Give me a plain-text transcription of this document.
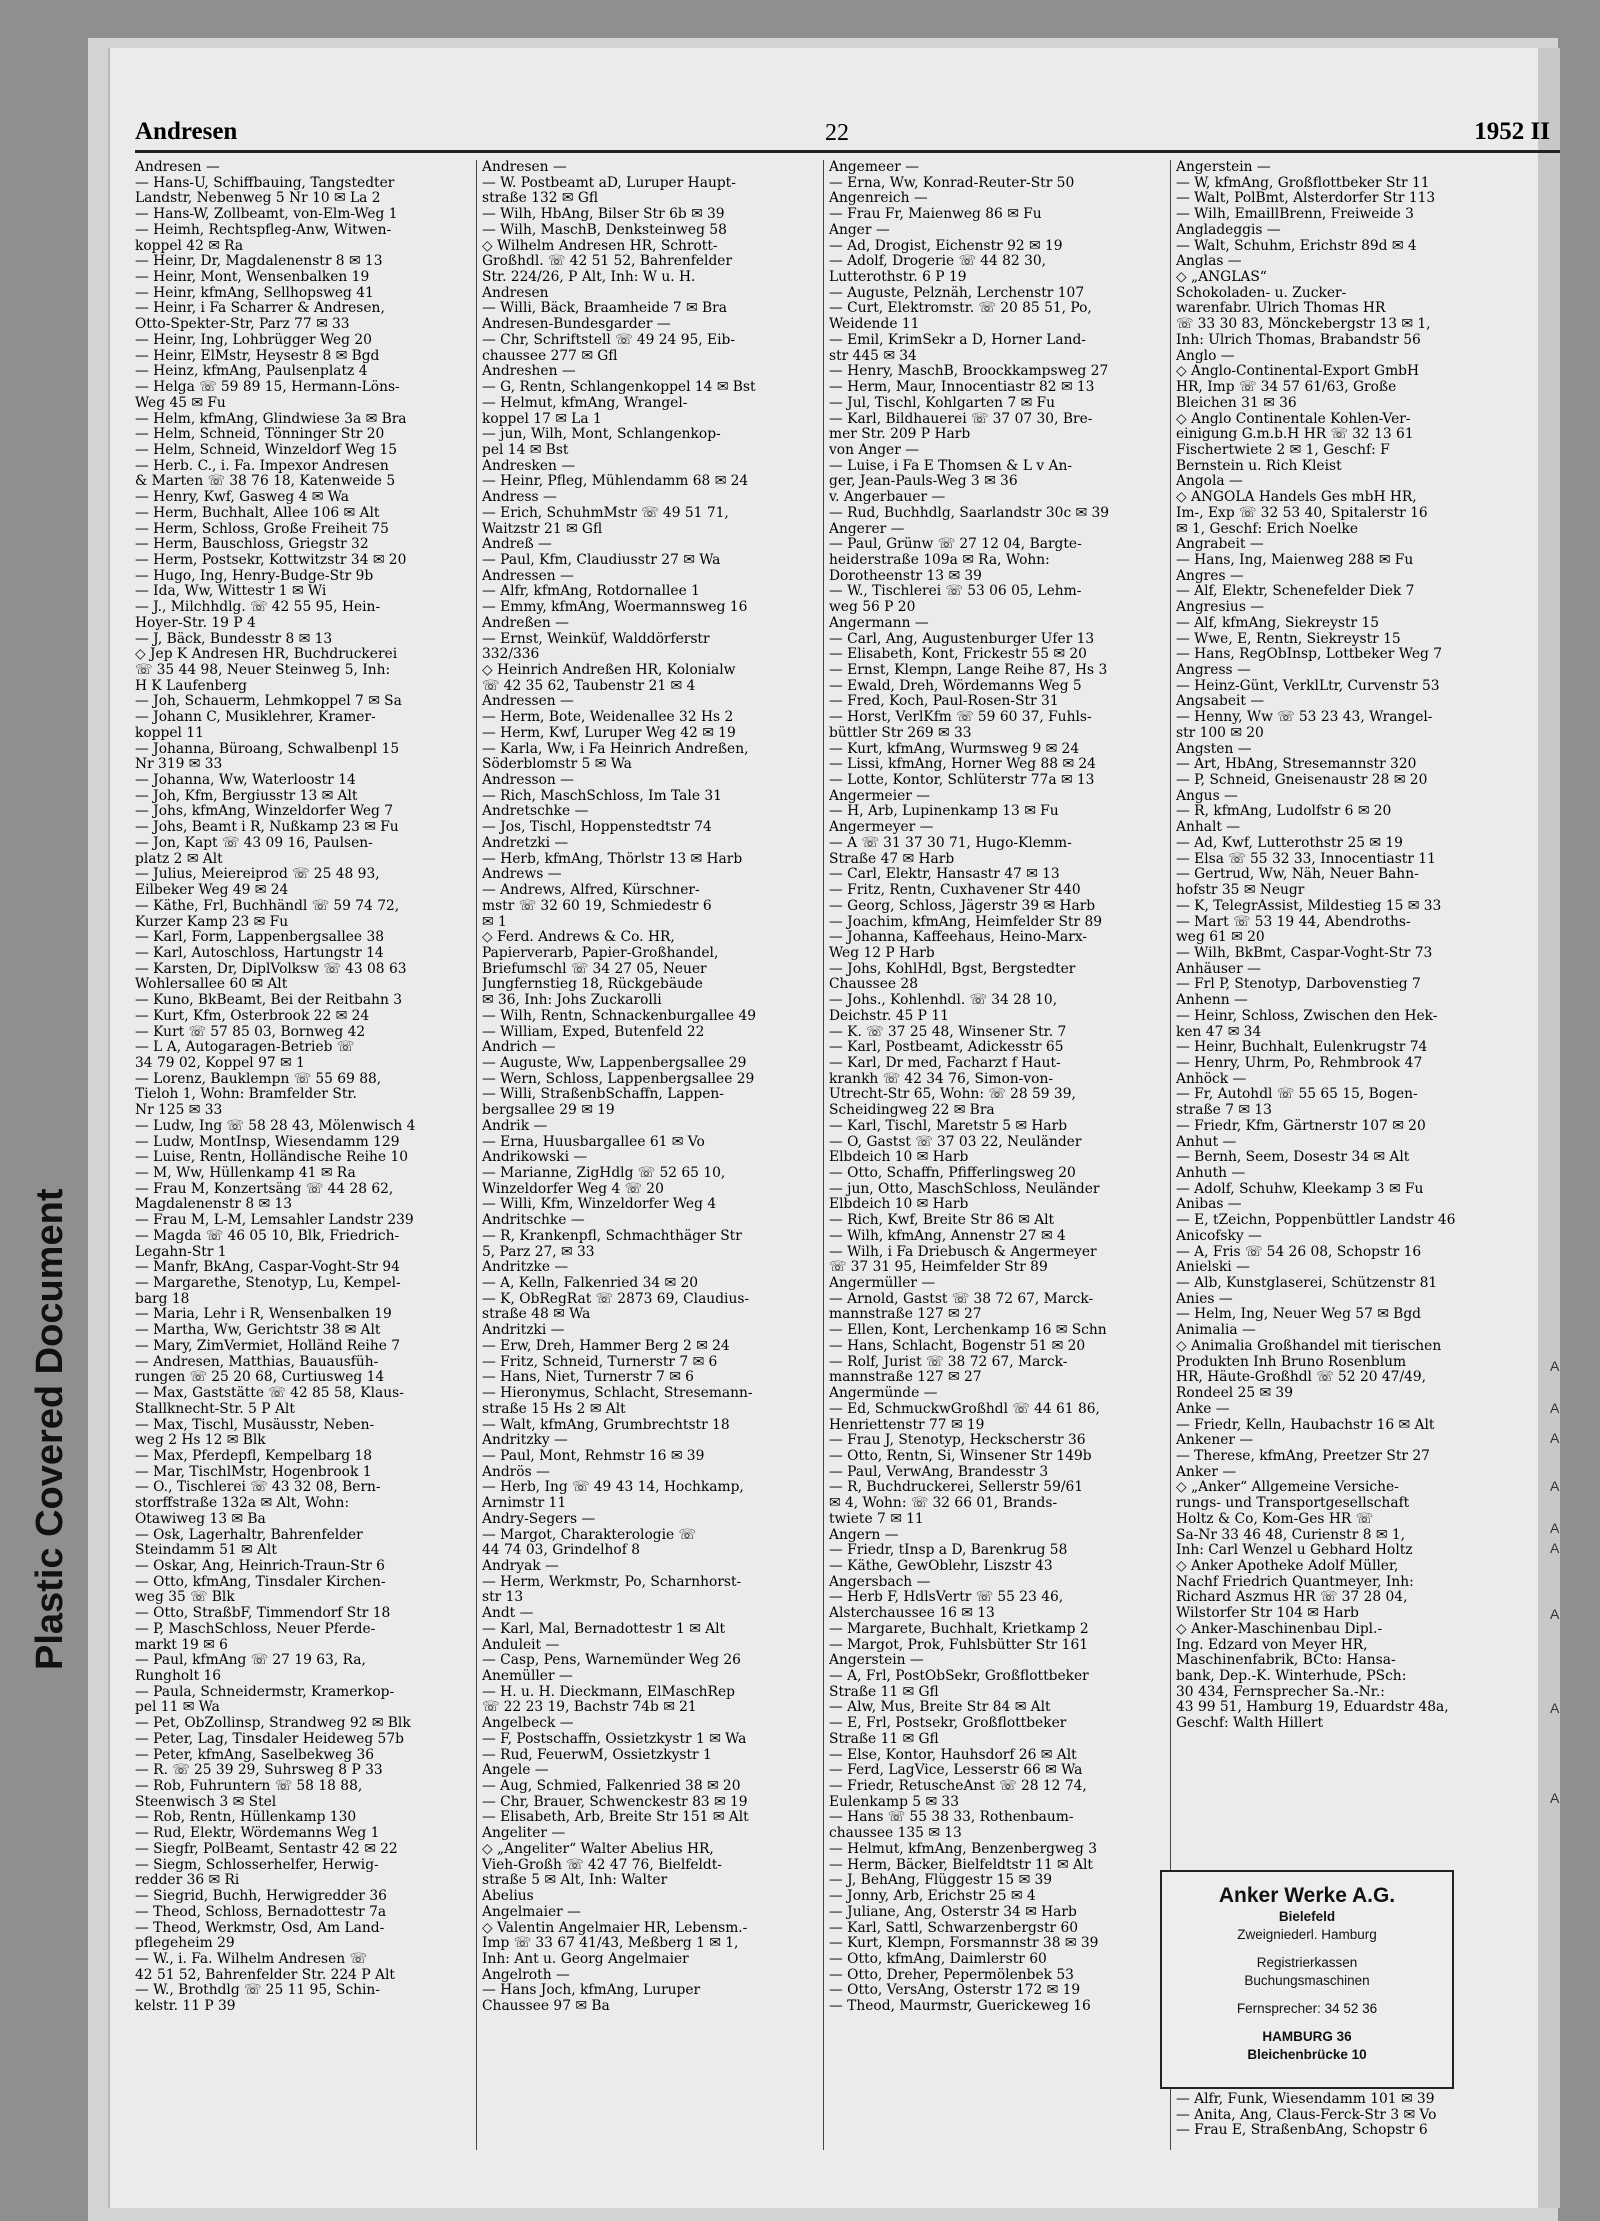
Plastic Covered Document
Andresen	22	1952 II
Andresen —
— Hans-U, Schiffbauing, Tangstedter
Landstr, Nebenweg 5 Nr 10 ✉ La 2
— Hans-W, Zollbeamt, von-Elm-Weg 1
— Heimh, Rechtspfleg-Anw, Witwen-
koppel 42 ✉ Ra
— Heinr, Dr, Magdalenenstr 8 ✉ 13
— Heinr, Mont, Wensenbalken 19
— Heinr, kfmAng, Sellhopsweg 41
— Heinr, i Fa Scharrer & Andresen,
Otto-Spekter-Str, Parz 77 ✉ 33
— Heinr, Ing, Lohbrügger Weg 20
— Heinr, ElMstr, Heysestr 8 ✉ Bgd
— Heinz, kfmAng, Paulsenplatz 4
— Helga ☏ 59 89 15, Hermann-Löns-
Weg 45 ✉ Fu
— Helm, kfmAng, Glindwiese 3a ✉ Bra
— Helm, Schneid, Tönninger Str 20
— Helm, Schneid, Winzeldorf Weg 15
— Herb. C., i. Fa. Impexor Andresen
& Marten ☏ 38 76 18, Katenweide 5
— Henry, Kwf, Gasweg 4 ✉ Wa
— Herm, Buchhalt, Allee 106 ✉ Alt
— Herm, Schloss, Große Freiheit 75
— Herm, Bauschloss, Griegstr 32
— Herm, Postsekr, Kottwitzstr 34 ✉ 20
— Hugo, Ing, Henry-Budge-Str 9b
— Ida, Ww, Wittestr 1 ✉ Wi
— J., Milchhdlg. ☏ 42 55 95, Hein-
Hoyer-Str. 19 P 4
— J, Bäck, Bundesstr 8 ✉ 13
◇ Jep K Andresen HR, Buchdruckerei
☏ 35 44 98, Neuer Steinweg 5, Inh:
H K Laufenberg
— Joh, Schauerm, Lehmkoppel 7 ✉ Sa
— Johann C, Musiklehrer, Kramer-
koppel 11
— Johanna, Büroang, Schwalbenpl 15
Nr 319 ✉ 33
— Johanna, Ww, Waterloostr 14
— Joh, Kfm, Bergiusstr 13 ✉ Alt
— Johs, kfmAng, Winzeldorfer Weg 7
— Johs, Beamt i R, Nußkamp 23 ✉ Fu
— Jon, Kapt ☏ 43 09 16, Paulsen-
platz 2 ✉ Alt
— Julius, Meiereiprod ☏ 25 48 93,
Eilbeker Weg 49 ✉ 24
— Käthe, Frl, Buchhändl ☏ 59 74 72,
Kurzer Kamp 23 ✉ Fu
— Karl, Form, Lappenbergsallee 38
— Karl, Autoschloss, Hartungstr 14
— Karsten, Dr, DiplVolksw ☏ 43 08 63
Wohlersallee 60 ✉ Alt
— Kuno, BkBeamt, Bei der Reitbahn 3
— Kurt, Kfm, Osterbrook 22 ✉ 24
— Kurt ☏ 57 85 03, Bornweg 42
— L A, Autogaragen-Betrieb ☏
34 79 02, Koppel 97 ✉ 1
— Lorenz, Bauklempn ☏ 55 69 88,
Tieloh 1, Wohn: Bramfelder Str.
Nr 125 ✉ 33
— Ludw, Ing ☏ 58 28 43, Mölenwisch 4
— Ludw, MontInsp, Wiesendamm 129
— Luise, Rentn, Holländische Reihe 10
— M, Ww, Hüllenkamp 41 ✉ Ra
— Frau M, Konzertsäng ☏ 44 28 62,
Magdalenenstr 8 ✉ 13
— Frau M, L-M, Lemsahler Landstr 239
— Magda ☏ 46 05 10, Blk, Friedrich-
Legahn-Str 1
— Manfr, BkAng, Caspar-Voght-Str 94
— Margarethe, Stenotyp, Lu, Kempel-
barg 18
— Maria, Lehr i R, Wensenbalken 19
— Martha, Ww, Gerichtstr 38 ✉ Alt
— Mary, ZimVermiet, Holländ Reihe 7
— Andresen, Matthias, Bauausfüh-
rungen ☏ 25 20 68, Curtiusweg 14
— Max, Gaststätte ☏ 42 85 58, Klaus-
Stallknecht-Str. 5 P Alt
— Max, Tischl, Musäusstr, Neben-
weg 2 Hs 12 ✉ Blk
— Max, Pferdepfl, Kempelbarg 18
— Mar, TischlMstr, Hogenbrook 1
— O., Tischlerei ☏ 43 32 08, Bern-
storffstraße 132a ✉ Alt, Wohn:
Otawiweg 13 ✉ Ba
— Osk, Lagerhaltr, Bahrenfelder
Steindamm 51 ✉ Alt
— Oskar, Ang, Heinrich-Traun-Str 6
— Otto, kfmAng, Tinsdaler Kirchen-
weg 35 ☏ Blk
— Otto, StraßbF, Timmendorf Str 18
— P, MaschSchloss, Neuer Pferde-
markt 19 ✉ 6
— Paul, kfmAng ☏ 27 19 63, Ra,
Rungholt 16
— Paula, Schneidermstr, Kramerkop-
pel 11 ✉ Wa
— Pet, ObZollinsp, Strandweg 92 ✉ Blk
— Peter, Lag, Tinsdaler Heideweg 57b
— Peter, kfmAng, Saselbekweg 36
— R. ☏ 25 39 29, Suhrsweg 8 P 33
— Rob, Fuhruntern ☏ 58 18 88,
Steenwisch 3 ✉ Stel
— Rob, Rentn, Hüllenkamp 130
— Rud, Elektr, Wördemanns Weg 1
— Siegfr, PolBeamt, Sentastr 42 ✉ 22
— Siegm, Schlosserhelfer, Herwig-
redder 36 ✉ Ri
— Siegrid, Buchh, Herwigredder 36
— Theod, Schloss, Bernadottestr 7a
— Theod, Werkmstr, Osd, Am Land-
pflegeheim 29
— W., i. Fa. Wilhelm Andresen ☏
42 51 52, Bahrenfelder Str. 224 P Alt
— W., Brothdlg ☏ 25 11 95, Schin-
kelstr. 11 P 39
Andresen —
— W. Postbeamt aD, Luruper Haupt-
straße 132 ✉ Gfl
— Wilh, HbAng, Bilser Str 6b ✉ 39
— Wilh, MaschB, Denksteinweg 58
◇ Wilhelm Andresen HR, Schrott-
Großhdl. ☏ 42 51 52, Bahrenfelder
Str. 224/26, P Alt, Inh: W u. H.
Andresen
— Willi, Bäck, Braamheide 7 ✉ Bra
Andresen-Bundesgarder —
— Chr, Schriftstell ☏ 49 24 95, Eib-
chaussee 277 ✉ Gfl
Andreshen —
— G, Rentn, Schlangenkoppel 14 ✉ Bst
— Helmut, kfmAng, Wrangel-
koppel 17 ✉ La 1
— jun, Wilh, Mont, Schlangenkop-
pel 14 ✉ Bst
Andresken —
— Heinr, Pfleg, Mühlendamm 68 ✉ 24
Andress —
— Erich, SchuhmMstr ☏ 49 51 71,
Waitzstr 21 ✉ Gfl
Andreß —
— Paul, Kfm, Claudiusstr 27 ✉ Wa
Andressen —
— Alfr, kfmAng, Rotdornallee 1
— Emmy, kfmAng, Woermannsweg 16
Andreßen —
— Ernst, Weinküf, Walddörferstr
332/336
◇ Heinrich Andreßen HR, Kolonialw
☏ 42 35 62, Taubenstr 21 ✉ 4
Andressen —
— Herm, Bote, Weidenallee 32 Hs 2
— Herm, Kwf, Luruper Weg 42 ✉ 19
— Karla, Ww, i Fa Heinrich Andreßen,
Söderblomstr 5 ✉ Wa
Andresson —
— Rich, MaschSchloss, Im Tale 31
Andretschke —
— Jos, Tischl, Hoppenstedtstr 74
Andretzki —
— Herb, kfmAng, Thörlstr 13 ✉ Harb
Andrews —
— Andrews, Alfred, Kürschner-
mstr ☏ 32 60 19, Schmiedestr 6
✉ 1
◇ Ferd. Andrews & Co. HR,
Papierverarb, Papier-Großhandel,
Briefumschl ☏ 34 27 05, Neuer
Jungfernstieg 18, Rückgebäude
✉ 36, Inh: Johs Zuckarolli
— Wilh, Rentn, Schnackenburgallee 49
— William, Exped, Butenfeld 22
Andrich —
— Auguste, Ww, Lappenbergsallee 29
— Wern, Schloss, Lappenbergsallee 29
— Willi, StraßenbSchaffn, Lappen-
bergsallee 29 ✉ 19
Andrik —
— Erna, Huusbargallee 61 ✉ Vo
Andrikowski —
— Marianne, ZigHdlg ☏ 52 65 10,
Winzeldorfer Weg 4 ☏ 20
— Willi, Kfm, Winzeldorfer Weg 4
Andritschke —
— R, Krankenpfl, Schmachthäger Str
5, Parz 27, ✉ 33
Andritzke —
— A, Kelln, Falkenried 34 ✉ 20
— K, ObRegRat ☏ 2873 69, Claudius-
straße 48 ✉ Wa
Andritzki —
— Erw, Dreh, Hammer Berg 2 ✉ 24
— Fritz, Schneid, Turnerstr 7 ✉ 6
— Hans, Niet, Turnerstr 7 ✉ 6
— Hieronymus, Schlacht, Stresemann-
straße 15 Hs 2 ✉ Alt
— Walt, kfmAng, Grumbrechtstr 18
Andritzky —
— Paul, Mont, Rehmstr 16 ✉ 39
Andrös —
— Herb, Ing ☏ 49 43 14, Hochkamp,
Arnimstr 11
Andry-Segers —
— Margot, Charakterologie ☏
44 74 03, Grindelhof 8
Andryak —
— Herm, Werkmstr, Po, Scharnhorst-
str 13
Andt —
— Karl, Mal, Bernadottestr 1 ✉ Alt
Anduleit —
— Casp, Pens, Warnemünder Weg 26
Anemüller —
— H. u. H. Dieckmann, ElMaschRep
☏ 22 23 19, Bachstr 74b ✉ 21
Angelbeck —
— F, Postschaffn, Ossietzkystr 1 ✉ Wa
— Rud, FeuerwM, Ossietzkystr 1
Angele —
— Aug, Schmied, Falkenried 38 ✉ 20
— Chr, Brauer, Schwenckestr 83 ✉ 19
— Elisabeth, Arb, Breite Str 151 ✉ Alt
Angeliter —
◇ „Angeliter“ Walter Abelius HR,
Vieh-Großh ☏ 42 47 76, Bielfeldt-
straße 5 ✉ Alt, Inh: Walter
Abelius
Angelmaier —
◇ Valentin Angelmaier HR, Lebensm.-
Imp ☏ 33 67 41/43, Meßberg 1 ✉ 1,
Inh: Ant u. Georg Angelmaier
Angelroth —
— Hans Joch, kfmAng, Luruper
Chaussee 97 ✉ Ba
Angemeer —
— Erna, Ww, Konrad-Reuter-Str 50
Angenreich —
— Frau Fr, Maienweg 86 ✉ Fu
Anger —
— Ad, Drogist, Eichenstr 92 ✉ 19
— Adolf, Drogerie ☏ 44 82 30,
Lutterothstr. 6 P 19
— Auguste, Pelznäh, Lerchenstr 107
— Curt, Elektromstr. ☏ 20 85 51, Po,
Weidende 11
— Emil, KrimSekr a D, Horner Land-
str 445 ✉ 34
— Henry, MaschB, Broockkampsweg 27
— Herm, Maur, Innocentiastr 82 ✉ 13
— Jul, Tischl, Kohlgarten 7 ✉ Fu
— Karl, Bildhauerei ☏ 37 07 30, Bre-
mer Str. 209 P Harb
von Anger —
— Luise, i Fa E Thomsen & L v An-
ger, Jean-Pauls-Weg 3 ✉ 36
v. Angerbauer —
— Rud, Buchhdlg, Saarlandstr 30c ✉ 39
Angerer —
— Paul, Grünw ☏ 27 12 04, Bargte-
heiderstraße 109a ✉ Ra, Wohn:
Dorotheenstr 13 ✉ 39
— W., Tischlerei ☏ 53 06 05, Lehm-
weg 56 P 20
Angermann —
— Carl, Ang, Augustenburger Ufer 13
— Elisabeth, Kont, Frickestr 55 ✉ 20
— Ernst, Klempn, Lange Reihe 87, Hs 3
— Ewald, Dreh, Wördemanns Weg 5
— Fred, Koch, Paul-Rosen-Str 31
— Horst, VerlKfm ☏ 59 60 37, Fuhls-
büttler Str 269 ✉ 33
— Kurt, kfmAng, Wurmsweg 9 ✉ 24
— Lissi, kfmAng, Horner Weg 88 ✉ 24
— Lotte, Kontor, Schlüterstr 77a ✉ 13
Angermeier —
— H, Arb, Lupinenkamp 13 ✉ Fu
Angermeyer —
— A ☏ 31 37 30 71, Hugo-Klemm-
Straße 47 ✉ Harb
— Carl, Elektr, Hansastr 47 ✉ 13
— Fritz, Rentn, Cuxhavener Str 440
— Georg, Schloss, Jägerstr 39 ✉ Harb
— Joachim, kfmAng, Heimfelder Str 89
— Johanna, Kaffeehaus, Heino-Marx-
Weg 12 P Harb
— Johs, KohlHdl, Bgst, Bergstedter
Chaussee 28
— Johs., Kohlenhdl. ☏ 34 28 10,
Deichstr. 45 P 11
— K. ☏ 37 25 48, Winsener Str. 7
— Karl, Postbeamt, Adickesstr 65
— Karl, Dr med, Facharzt f Haut-
krankh ☏ 42 34 76, Simon-von-
Utrecht-Str 65, Wohn: ☏ 28 59 39,
Scheidingweg 22 ✉ Bra
— Karl, Tischl, Maretstr 5 ✉ Harb
— O, Gastst ☏ 37 03 22, Neuländer
Elbdeich 10 ✉ Harb
— Otto, Schaffn, Pfifferlingsweg 20
— jun, Otto, MaschSchloss, Neuländer
Elbdeich 10 ✉ Harb
— Rich, Kwf, Breite Str 86 ✉ Alt
— Wilh, kfmAng, Annenstr 27 ✉ 4
— Wilh, i Fa Driebusch & Angermeyer
☏ 37 31 95, Heimfelder Str 89
Angermüller —
— Arnold, Gastst ☏ 38 72 67, Marck-
mannstraße 127 ✉ 27
— Ellen, Kont, Lerchenkamp 16 ✉ Schn
— Hans, Schlacht, Bogenstr 51 ✉ 20
— Rolf, Jurist ☏ 38 72 67, Marck-
mannstraße 127 ✉ 27
Angermünde —
— Ed, SchmuckwGroßhdl ☏ 44 61 86,
Henriettenstr 77 ✉ 19
— Frau J, Stenotyp, Heckscherstr 36
— Otto, Rentn, Si, Winsener Str 149b
— Paul, VerwAng, Brandesstr 3
— R, Buchdruckerei, Sellerstr 59/61
✉ 4, Wohn: ☏ 32 66 01, Brands-
twiete 7 ✉ 11
Angern —
— Friedr, tInsp a D, Barenkrug 58
— Käthe, GewOblehr, Liszstr 43
Angersbach —
— Herb F, HdlsVertr ☏ 55 23 46,
Alsterchaussee 16 ✉ 13
— Margarete, Buchhalt, Krietkamp 2
— Margot, Prok, Fuhlsbütter Str 161
Angerstein —
— A, Frl, PostObSekr, Großflottbeker
Straße 11 ✉ Gfl
— Alw, Mus, Breite Str 84 ✉ Alt
— E, Frl, Postsekr, Großflottbeker
Straße 11 ✉ Gfl
— Else, Kontor, Hauhsdorf 26 ✉ Alt
— Ferd, LagVice, Lesserstr 66 ✉ Wa
— Friedr, RetuscheAnst ☏ 28 12 74,
Eulenkamp 5 ✉ 33
— Hans ☏ 55 38 33, Rothenbaum-
chaussee 135 ✉ 13
— Helmut, kfmAng, Benzenbergweg 3
— Herm, Bäcker, Bielfeldtstr 11 ✉ Alt
— J, BehAng, Flüggestr 15 ✉ 39
— Jonny, Arb, Erichstr 25 ✉ 4
— Juliane, Ang, Osterstr 34 ✉ Harb
— Karl, Sattl, Schwarzenbergstr 60
— Kurt, Klempn, Forsmannstr 38 ✉ 39
— Otto, kfmAng, Daimlerstr 60
— Otto, Dreher, Pepermölenbek 53
— Otto, VersAng, Osterstr 172 ✉ 19
— Theod, Maurmstr, Guerickeweg 16
Angerstein —
— W, kfmAng, Großflottbeker Str 11
— Walt, PolBmt, Alsterdorfer Str 113
— Wilh, EmaillBrenn, Freiweide 3
Angladeggis —
— Walt, Schuhm, Erichstr 89d ✉ 4
Anglas —
◇ „ANGLAS“
Schokoladen- u. Zucker-
warenfabr. Ulrich Thomas HR
☏ 33 30 83, Mönckebergstr 13 ✉ 1,
Inh: Ulrich Thomas, Brabandstr 56
Anglo —
◇ Anglo-Continental-Export GmbH
HR, Imp ☏ 34 57 61/63, Große
Bleichen 31 ✉ 36
◇ Anglo Continentale Kohlen-Ver-
einigung G.m.b.H HR ☏ 32 13 61
Fischertwiete 2 ✉ 1, Geschf: F
Bernstein u. Rich Kleist
Angola —
◇ ANGOLA Handels Ges mbH HR,
Im-, Exp ☏ 32 53 40, Spitalerstr 16
✉ 1, Geschf: Erich Noelke
Angrabeit —
— Hans, Ing, Maienweg 288 ✉ Fu
Angres —
— Alf, Elektr, Schenefelder Diek 7
Angresius —
— Alf, kfmAng, Siekreystr 15
— Wwe, E, Rentn, Siekreystr 15
— Hans, RegObInsp, Lottbeker Weg 7
Angress —
— Heinz-Günt, VerklLtr, Curvenstr 53
Angsabeit —
— Henny, Ww ☏ 53 23 43, Wrangel-
str 100 ✉ 20
Angsten —
— Art, HbAng, Stresemannstr 320
— P, Schneid, Gneisenaustr 28 ✉ 20
Angus —
— R, kfmAng, Ludolfstr 6 ✉ 20
Anhalt —
— Ad, Kwf, Lutterothstr 25 ✉ 19
— Elsa ☏ 55 32 33, Innocentiastr 11
— Gertrud, Ww, Näh, Neuer Bahn-
hofstr 35 ✉ Neugr
— K, TelegrAssist, Mildestieg 15 ✉ 33
— Mart ☏ 53 19 44, Abendroths-
weg 61 ✉ 20
— Wilh, BkBmt, Caspar-Voght-Str 73
Anhäuser —
— Frl P, Stenotyp, Darbovenstieg 7
Anhenn —
— Heinr, Schloss, Zwischen den Hek-
ken 47 ✉ 34
— Heinr, Buchhalt, Eulenkrugstr 74
— Henry, Uhrm, Po, Rehmbrook 47
Anhöck —
— Fr, Autohdl ☏ 55 65 15, Bogen-
straße 7 ✉ 13
— Friedr, Kfm, Gärtnerstr 107 ✉ 20
Anhut —
— Bernh, Seem, Dosestr 34 ✉ Alt
Anhuth —
— Adolf, Schuhw, Kleekamp 3 ✉ Fu
Anibas —
— E, tZeichn, Poppenbüttler Landstr 46
Anicofsky —
— A, Fris ☏ 54 26 08, Schopstr 16
Anielski —
— Alb, Kunstglaserei, Schützenstr 81
Anies —
— Helm, Ing, Neuer Weg 57 ✉ Bgd
Animalia —
◇ Animalia Großhandel mit tierischen
Produkten Inh Bruno Rosenblum
HR, Häute-Großhdl ☏ 52 20 47/49,
Rondeel 25 ✉ 39
Anke —
— Friedr, Kelln, Haubachstr 16 ✉ Alt
Ankener —
— Therese, kfmAng, Preetzer Str 27
Anker —
◇ „Anker“ Allgemeine Versiche-
rungs- und Transportgesellschaft
Holtz & Co, Kom-Ges HR ☏
Sa-Nr 33 46 48, Curienstr 8 ✉ 1,
Inh: Carl Wenzel u Gebhard Holtz
◇ Anker Apotheke Adolf Müller,
Nachf Friedrich Quantmeyer, Inh:
Richard Aszmus HR ☏ 37 28 04,
Wilstorfer Str 104 ✉ Harb
◇ Anker-Maschinenbau Dipl.-
Ing. Edzard von Meyer HR,
Maschinenfabrik, BCto: Hansa-
bank, Dep.-K. Winterhude, PSch:
30 434, Fernsprecher Sa.-Nr.:
43 99 51, Hamburg 19, Eduardstr 48a,
Geschf: Walth Hillert
Anker Werke A.G.
Bielefeld
Zweigniederl. Hamburg
Registrierkassen
Buchungsmaschinen
Fernsprecher: 34 52 36
HAMBURG 36
Bleichenbrücke 10
— Alfr, Funk, Wiesendamm 101 ✉ 39
— Anita, Ang, Claus-Ferck-Str 3 ✉ Vo
— Frau E, StraßenbAng, Schopstr 6
A
A
A
A
A
A
A
A
A
